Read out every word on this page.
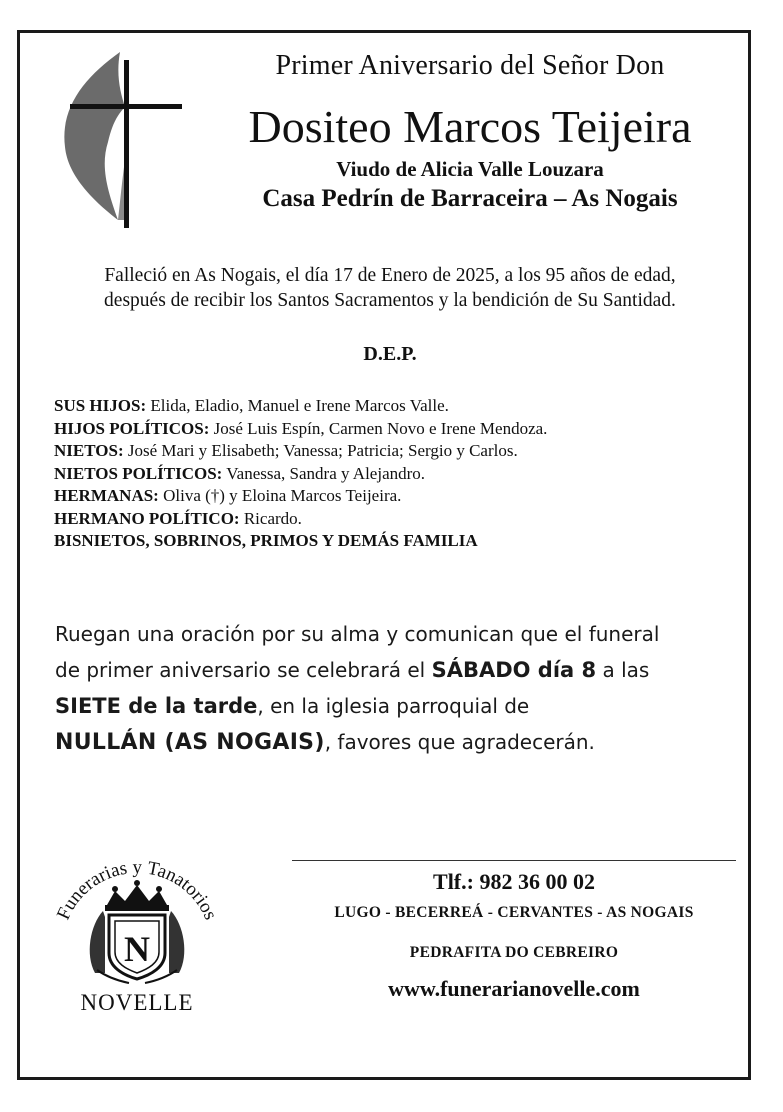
Primer Aniversario del Señor Don
Dositeo Marcos Teijeira
Viudo de Alicia Valle Louzara
Casa Pedrín de Barraceira – As Nogais
Falleció en As Nogais, el día 17 de Enero de 2025, a los 95 años de edad,
después de recibir los Santos Sacramentos y la bendición de Su Santidad.
D.E.P.
SUS HIJOS: Elida, Eladio, Manuel e Irene Marcos Valle.
HIJOS POLÍTICOS: José Luis Espín, Carmen Novo e Irene Mendoza.
NIETOS: José Mari y Elisabeth; Vanessa; Patricia; Sergio y Carlos.
NIETOS POLÍTICOS: Vanessa, Sandra y Alejandro.
HERMANAS: Oliva (†) y Eloina Marcos Teijeira.
HERMANO POLÍTICO: Ricardo.
BISNIETOS, SOBRINOS, PRIMOS Y DEMÁS FAMILIA
Ruegan una oración por su alma y comunican que el funeral
de primer aniversario se celebrará el SÁBADO día 8 a las
SIETE de la tarde, en la iglesia parroquial de
NULLÁN (AS NOGAIS), favores que agradecerán.
Funerarias y Tanatorios
N
NOVELLE
Tlf.: 982 36 00 02
LUGO - BECERREÁ - CERVANTES - AS NOGAIS
PEDRAFITA DO CEBREIRO
www.funerarianovelle.com
